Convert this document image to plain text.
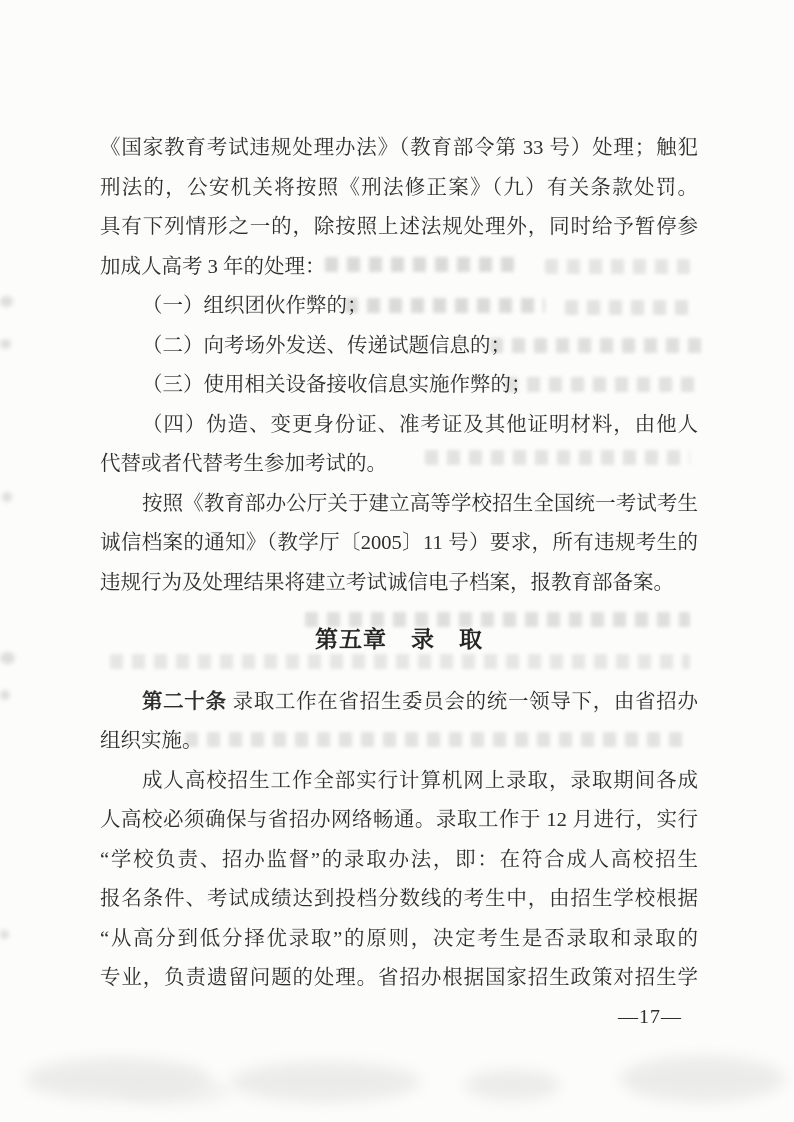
《国家教育考试违规处理办法》（教育部令第 33 号）处理；触犯
刑法的，公安机关将按照《刑法修正案》（九）有关条款处罚。
具有下列情形之一的，除按照上述法规处理外，同时给予暂停参
加成人高考 3 年的处理：
（一）组织团伙作弊的；
（二）向考场外发送、传递试题信息的；
（三）使用相关设备接收信息实施作弊的；
（四）伪造、变更身份证、准考证及其他证明材料，由他人
代替或者代替考生参加考试的。
按照《教育部办公厅关于建立高等学校招生全国统一考试考生
诚信档案的通知》（教学厅〔2005〕11 号）要求，所有违规考生的
违规行为及处理结果将建立考试诚信电子档案，报教育部备案。
第五章　录　取
第二十条 录取工作在省招生委员会的统一领导下，由省招办
组织实施。
成人高校招生工作全部实行计算机网上录取，录取期间各成
人高校必须确保与省招办网络畅通。录取工作于 12 月进行，实行
“学校负责、招办监督”的录取办法，即：在符合成人高校招生
报名条件、考试成绩达到投档分数线的考生中，由招生学校根据
“从高分到低分择优录取”的原则，决定考生是否录取和录取的
专业，负责遗留问题的处理。省招办根据国家招生政策对招生学
—17—
